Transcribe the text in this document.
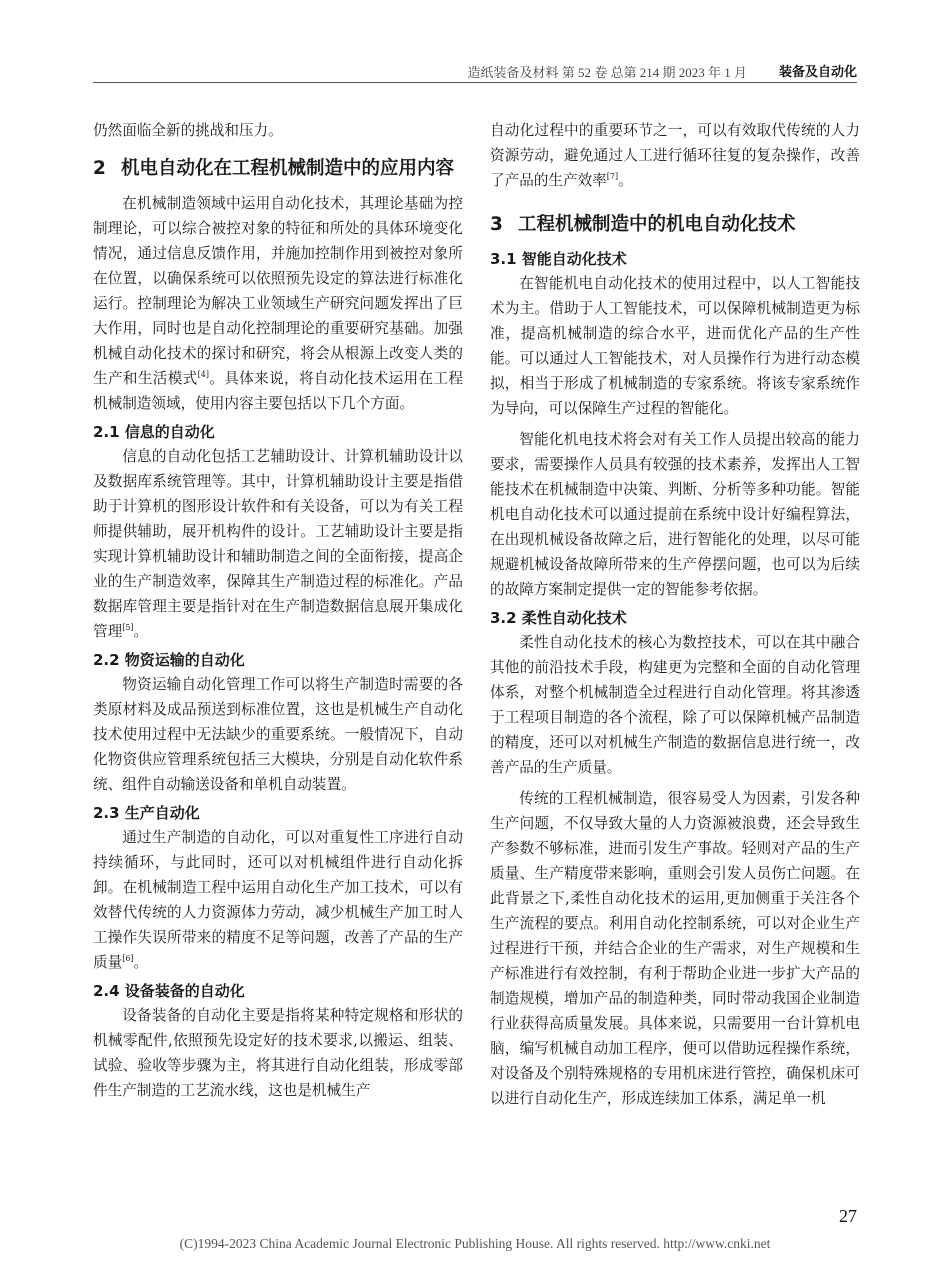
造纸装备及材料 第 52 卷 总第 214 期 2023 年 1 月 装备及自动化

仍然面临全新的挑战和压力。

2 机电自动化在工程机械制造中的应用内容

在机械制造领域中运用自动化技术，其理论基础为控制理论，可以综合被控对象的特征和所处的具体环境变化情况，通过信息反馈作用，并施加控制作用到被控对象所在位置，以确保系统可以依照预先设定的算法进行标准化运行。控制理论为解决工业领域生产研究问题发挥出了巨大作用，同时也是自动化控制理论的重要研究基础。加强机械自动化技术的探讨和研究，将会从根源上改变人类的生产和生活模式[4]。具体来说，将自动化技术运用在工程机械制造领域，使用内容主要包括以下几个方面。

2.1 信息的自动化

信息的自动化包括工艺辅助设计、计算机辅助设计以及数据库系统管理等。其中，计算机辅助设计主要是指借助于计算机的图形设计软件和有关设备，可以为有关工程师提供辅助，展开机构件的设计。工艺辅助设计主要是指实现计算机辅助设计和辅助制造之间的全面衔接，提高企业的生产制造效率，保障其生产制造过程的标准化。产品数据库管理主要是指针对在生产制造数据信息展开集成化管理[5]。

2.2 物资运输的自动化

物资运输自动化管理工作可以将生产制造时需要的各类原材料及成品预送到标准位置，这也是机械生产自动化技术使用过程中无法缺少的重要系统。一般情况下，自动化物资供应管理系统包括三大模块，分别是自动化软件系统、组件自动输送设备和单机自动装置。

2.3 生产自动化

通过生产制造的自动化，可以对重复性工序进行自动持续循环，与此同时，还可以对机械组件进行自动化拆卸。在机械制造工程中运用自动化生产加工技术，可以有效替代传统的人力资源体力劳动，减少机械生产加工时人工操作失误所带来的精度不足等问题，改善了产品的生产质量[6]。

2.4 设备装备的自动化

设备装备的自动化主要是指将某种特定规格和形状的机械零配件,依照预先设定好的技术要求,以搬运、组装、试验、验收等步骤为主，将其进行自动化组装，形成零部件生产制造的工艺流水线，这也是机械生产

自动化过程中的重要环节之一，可以有效取代传统的人力资源劳动，避免通过人工进行循环往复的复杂操作，改善了产品的生产效率[7]。

3 工程机械制造中的机电自动化技术
3.1 智能自动化技术

在智能机电自动化技术的使用过程中，以人工智能技术为主。借助于人工智能技术，可以保障机械制造更为标准，提高机械制造的综合水平，进而优化产品的生产性能。可以通过人工智能技术，对人员操作行为进行动态模拟，相当于形成了机械制造的专家系统。将该专家系统作为导向，可以保障生产过程的智能化。

智能化机电技术将会对有关工作人员提出较高的能力要求，需要操作人员具有较强的技术素养，发挥出人工智能技术在机械制造中决策、判断、分析等多种功能。智能机电自动化技术可以通过提前在系统中设计好编程算法，在出现机械设备故障之后，进行智能化的处理，以尽可能规避机械设备故障所带来的生产停摆问题，也可以为后续的故障方案制定提供一定的智能参考依据。

3.2 柔性自动化技术

柔性自动化技术的核心为数控技术，可以在其中融合其他的前沿技术手段，构建更为完整和全面的自动化管理体系，对整个机械制造全过程进行自动化管理。将其渗透于工程项目制造的各个流程，除了可以保障机械产品制造的精度，还可以对机械生产制造的数据信息进行统一，改善产品的生产质量。

传统的工程机械制造，很容易受人为因素，引发各种生产问题，不仅导致大量的人力资源被浪费，还会导致生产参数不够标准，进而引发生产事故。轻则对产品的生产质量、生产精度带来影响，重则会引发人员伤亡问题。在此背景之下,柔性自动化技术的运用,更加侧重于关注各个生产流程的要点。利用自动化控制系统，可以对企业生产过程进行干预，并结合企业的生产需求，对生产规模和生产标准进行有效控制，有利于帮助企业进一步扩大产品的制造规模，增加产品的制造种类，同时带动我国企业制造行业获得高质量发展。具体来说，只需要用一台计算机电脑，编写机械自动加工程序，便可以借助远程操作系统，对设备及个别特殊规格的专用机床进行管控，确保机床可以进行自动化生产，形成连续加工体系，满足单一机

27
(C)1994-2023 China Academic Journal Electronic Publishing House. All rights reserved. http://www.cnki.net
